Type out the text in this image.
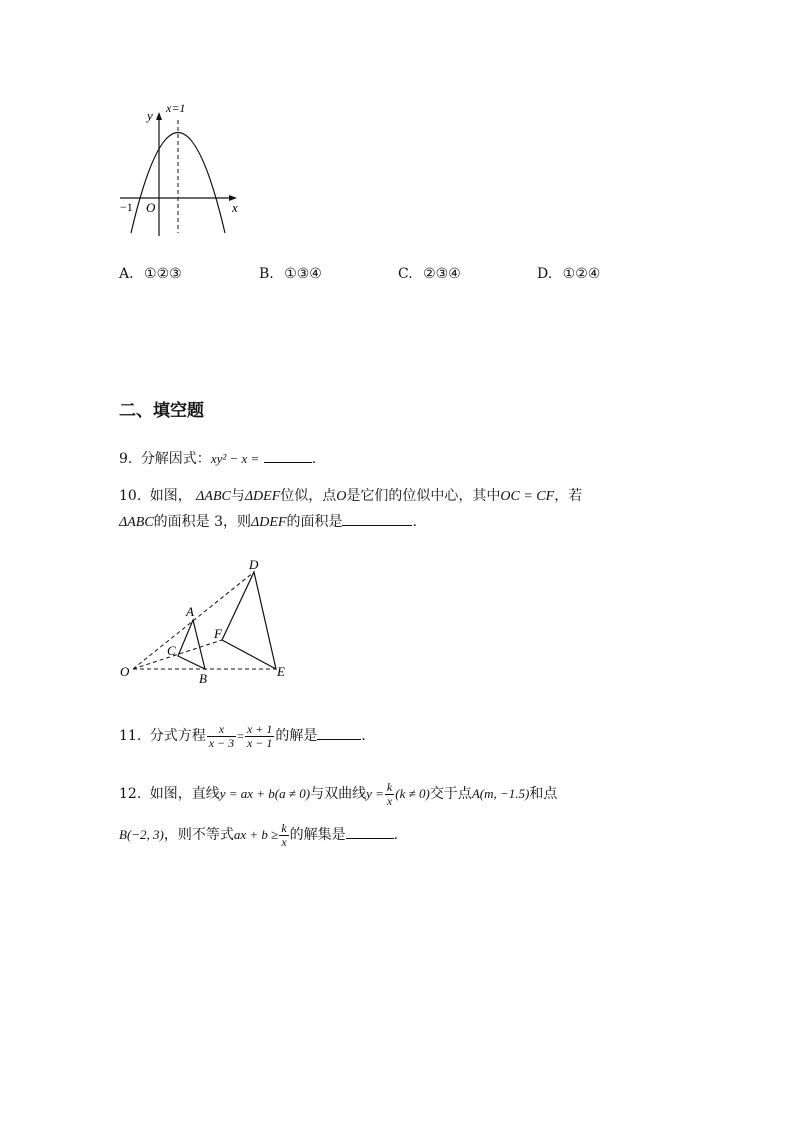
y x=1
x
O
−1
A. ①②③	B. ①③④	C. ②③④	D. ①②④
二、填空题
9. 分解因式：xy² − x =	.
10. 如图， ΔABC与ΔDEF位似，点O是它们的位似中心，其中OC = CF，若
ΔABC的面积是 3，则ΔDEF的面积是	.
O
A
B
C
D
E
F
11. 分式方程 $\frac{x}{x - 3} = \frac{x + 1}{x - 1}$ 的解是	.
12. 如图，直线y = ax + b(a ≠ 0)与双曲线$y = \frac{k}{x} (k \ne 0)$交于点A(m, −1.5)和点
B(−2, 3)，则不等式ax + $b \ge \frac{k}{x}$ 的解集是	.
